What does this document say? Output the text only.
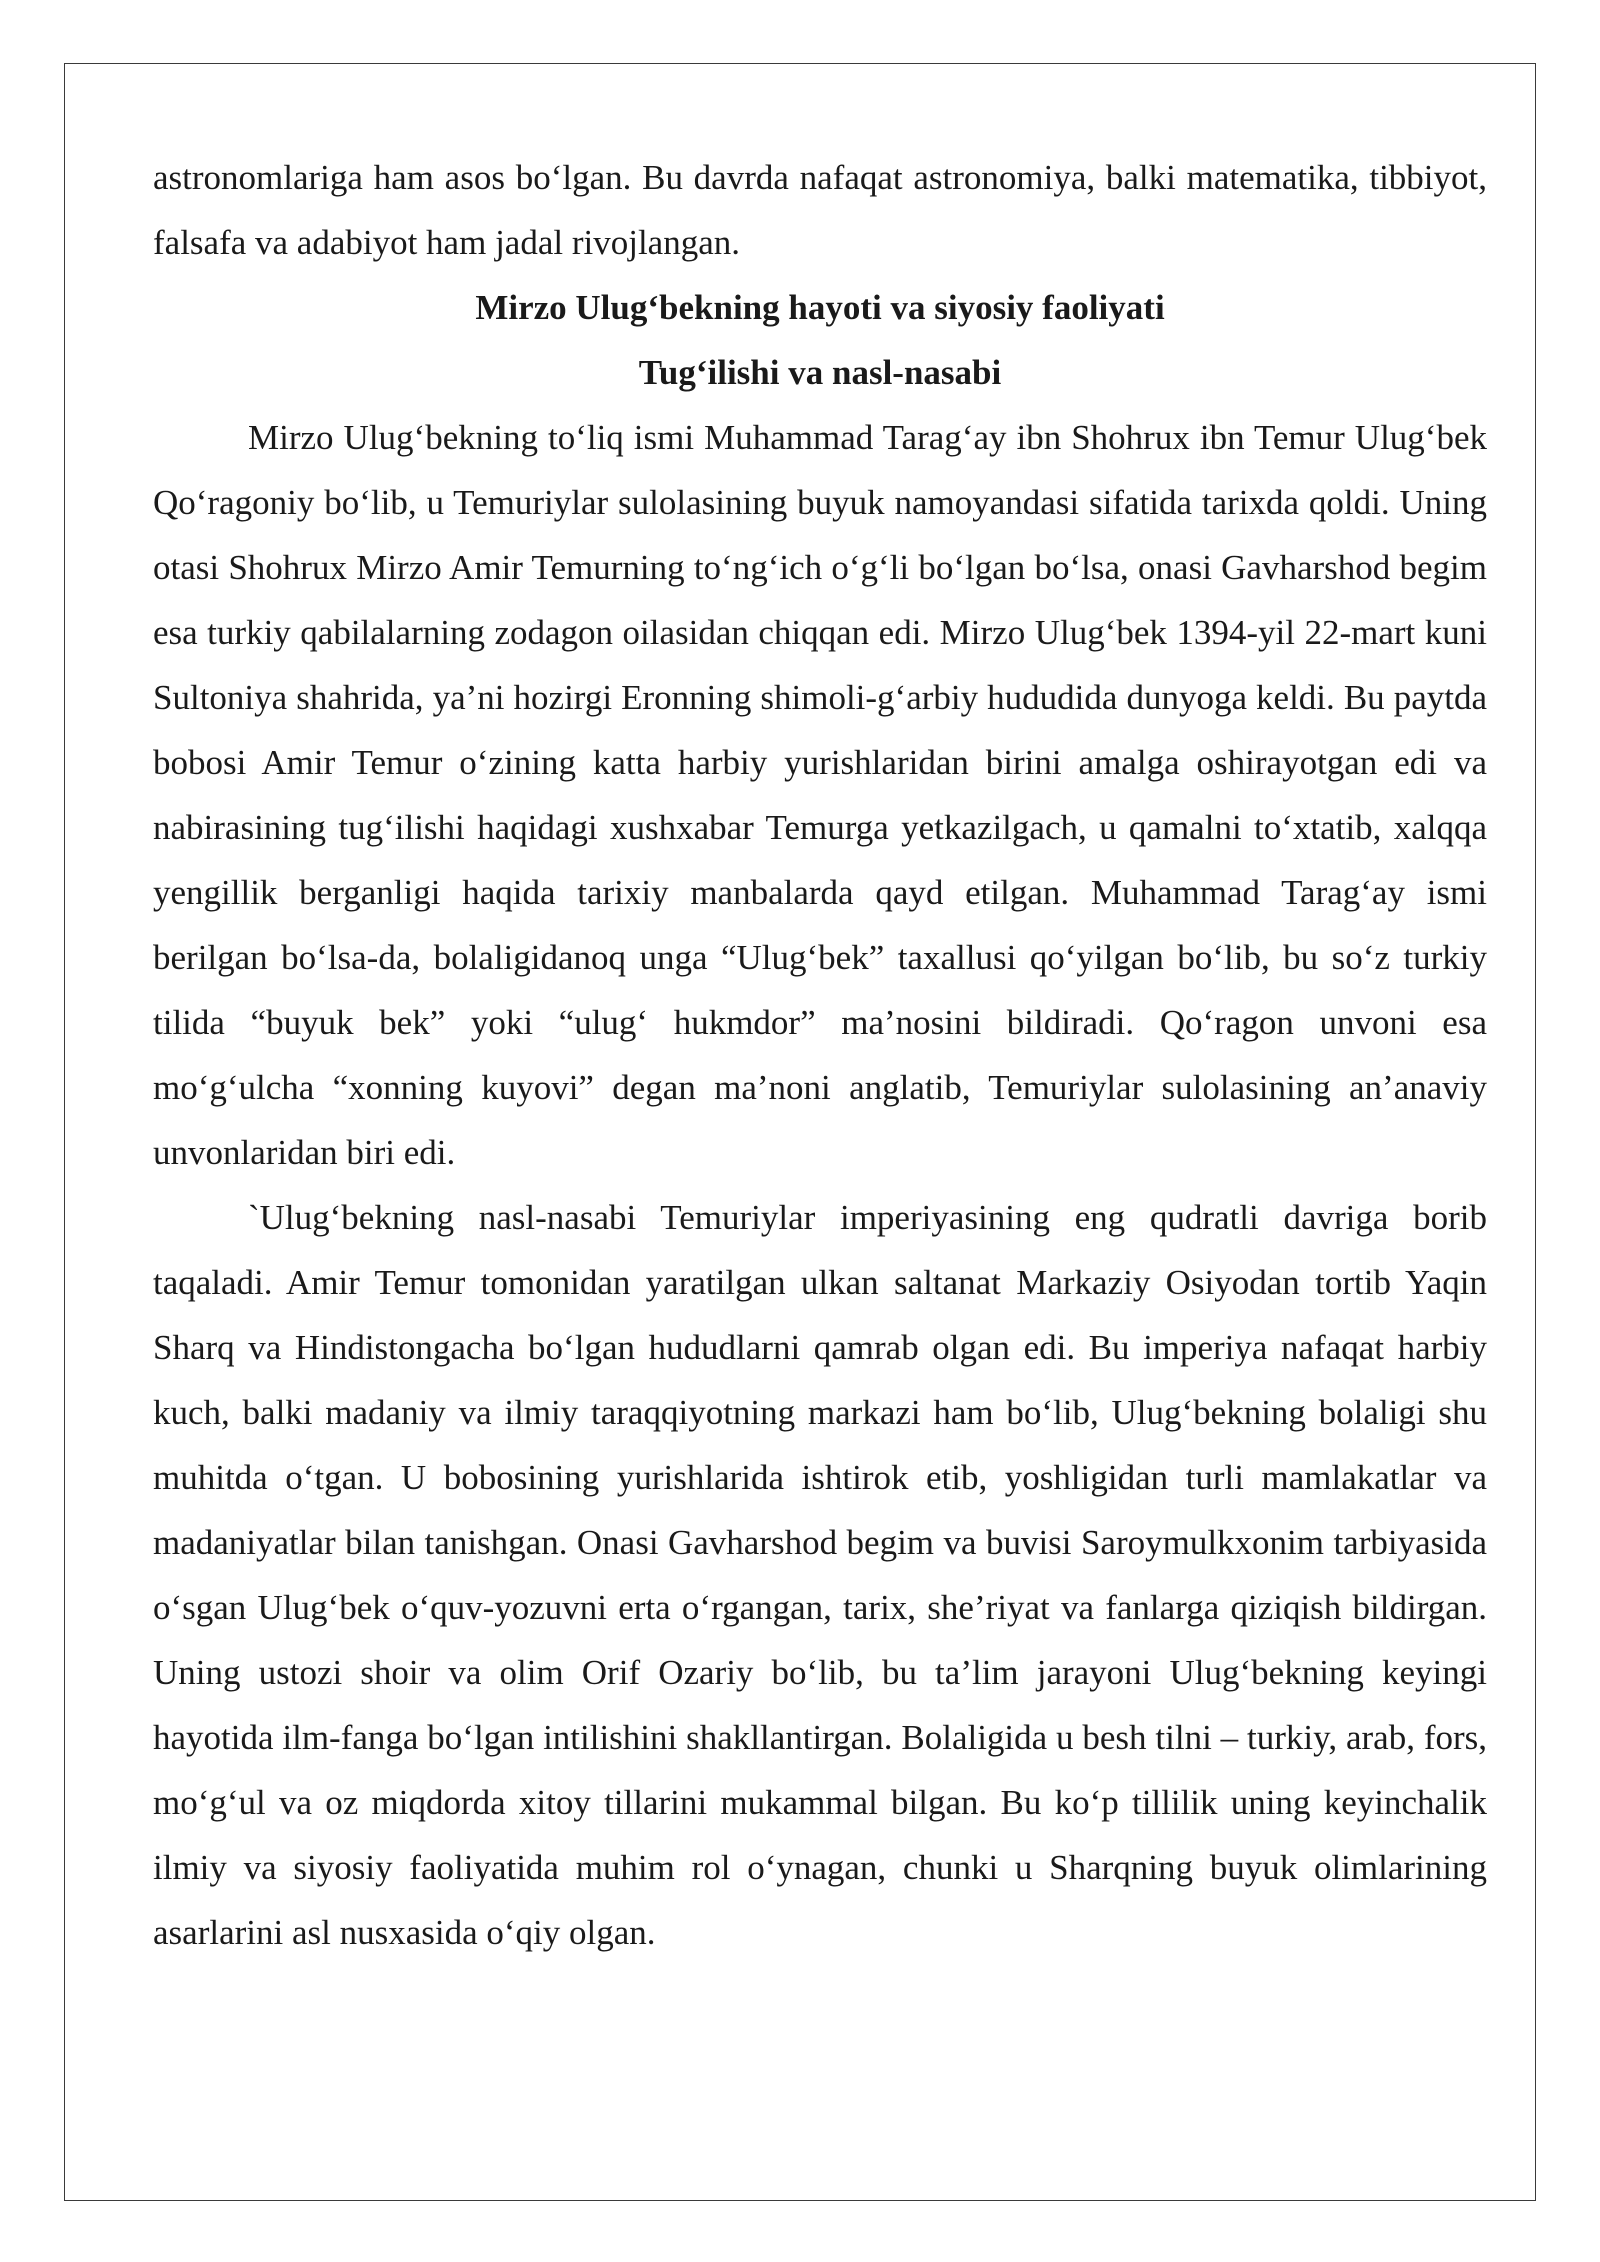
astronomlariga ham asos bo‘lgan. Bu davrda nafaqat astronomiya, balki matematika, tibbiyot, falsafa va adabiyot ham jadal rivojlangan.

Mirzo Ulug‘bekning hayoti va siyosiy faoliyati
Tug‘ilishi va nasl-nasabi

Mirzo Ulug‘bekning to‘liq ismi Muhammad Tarag‘ay ibn Shohrux ibn Temur Ulug‘bek Qo‘ragoniy bo‘lib, u Temuriylar sulolasining buyuk namoyandasi sifatida tarixda qoldi. Uning otasi Shohrux Mirzo Amir Temurning to‘ng‘ich o‘g‘li bo‘lgan bo‘lsa, onasi Gavharshod begim esa turkiy qabilalarning zodagon oilasidan chiqqan edi. Mirzo Ulug‘bek 1394-yil 22-mart kuni Sultoniya shahrida, ya’ni hozirgi Eronning shimoli-g‘arbiy hududida dunyoga keldi. Bu paytda bobosi Amir Temur o‘zining katta harbiy yurishlaridan birini amalga oshirayotgan edi va nabirasining tug‘ilishi haqidagi xushxabar Temurga yetkazilgach, u qamalni to‘xtatib, xalqqa yengillik berganligi haqida tarixiy manbalarda qayd etilgan. Muhammad Tarag‘ay ismi berilgan bo‘lsa-da, bolaligidanoq unga “Ulug‘bek” taxallusi qo‘yilgan bo‘lib, bu so‘z turkiy tilida “buyuk bek” yoki “ulug‘ hukmdor” ma’nosini bildiradi. Qo‘ragon unvoni esa mo‘g‘ulcha “xonning kuyovi” degan ma’noni anglatib, Temuriylar sulolasining an’anaviy unvonlaridan biri edi.

`Ulug‘bekning nasl-nasabi Temuriylar imperiyasining eng qudratli davriga borib taqaladi. Amir Temur tomonidan yaratilgan ulkan saltanat Markaziy Osiyodan tortib Yaqin Sharq va Hindistongacha bo‘lgan hududlarni qamrab olgan edi. Bu imperiya nafaqat harbiy kuch, balki madaniy va ilmiy taraqqiyotning markazi ham bo‘lib, Ulug‘bekning bolaligi shu muhitda o‘tgan. U bobosining yurishlarida ishtirok etib, yoshligidan turli mamlakatlar va madaniyatlar bilan tanishgan. Onasi Gavharshod begim va buvisi Saroymulkxonim tarbiyasida o‘sgan Ulug‘bek o‘quv-yozuvni erta o‘rgangan, tarix, she’riyat va fanlarga qiziqish bildirgan. Uning ustozi shoir va olim Orif Ozariy bo‘lib, bu ta’lim jarayoni Ulug‘bekning keyingi hayotida ilm-fanga bo‘lgan intilishini shakllantirgan. Bolaligida u besh tilni – turkiy, arab, fors, mo‘g‘ul va oz miqdorda xitoy tillarini mukammal bilgan. Bu ko‘p tillilik uning keyinchalik ilmiy va siyosiy faoliyatida muhim rol o‘ynagan, chunki u Sharqning buyuk olimlarining asarlarini asl nusxasida o‘qiy olgan.
